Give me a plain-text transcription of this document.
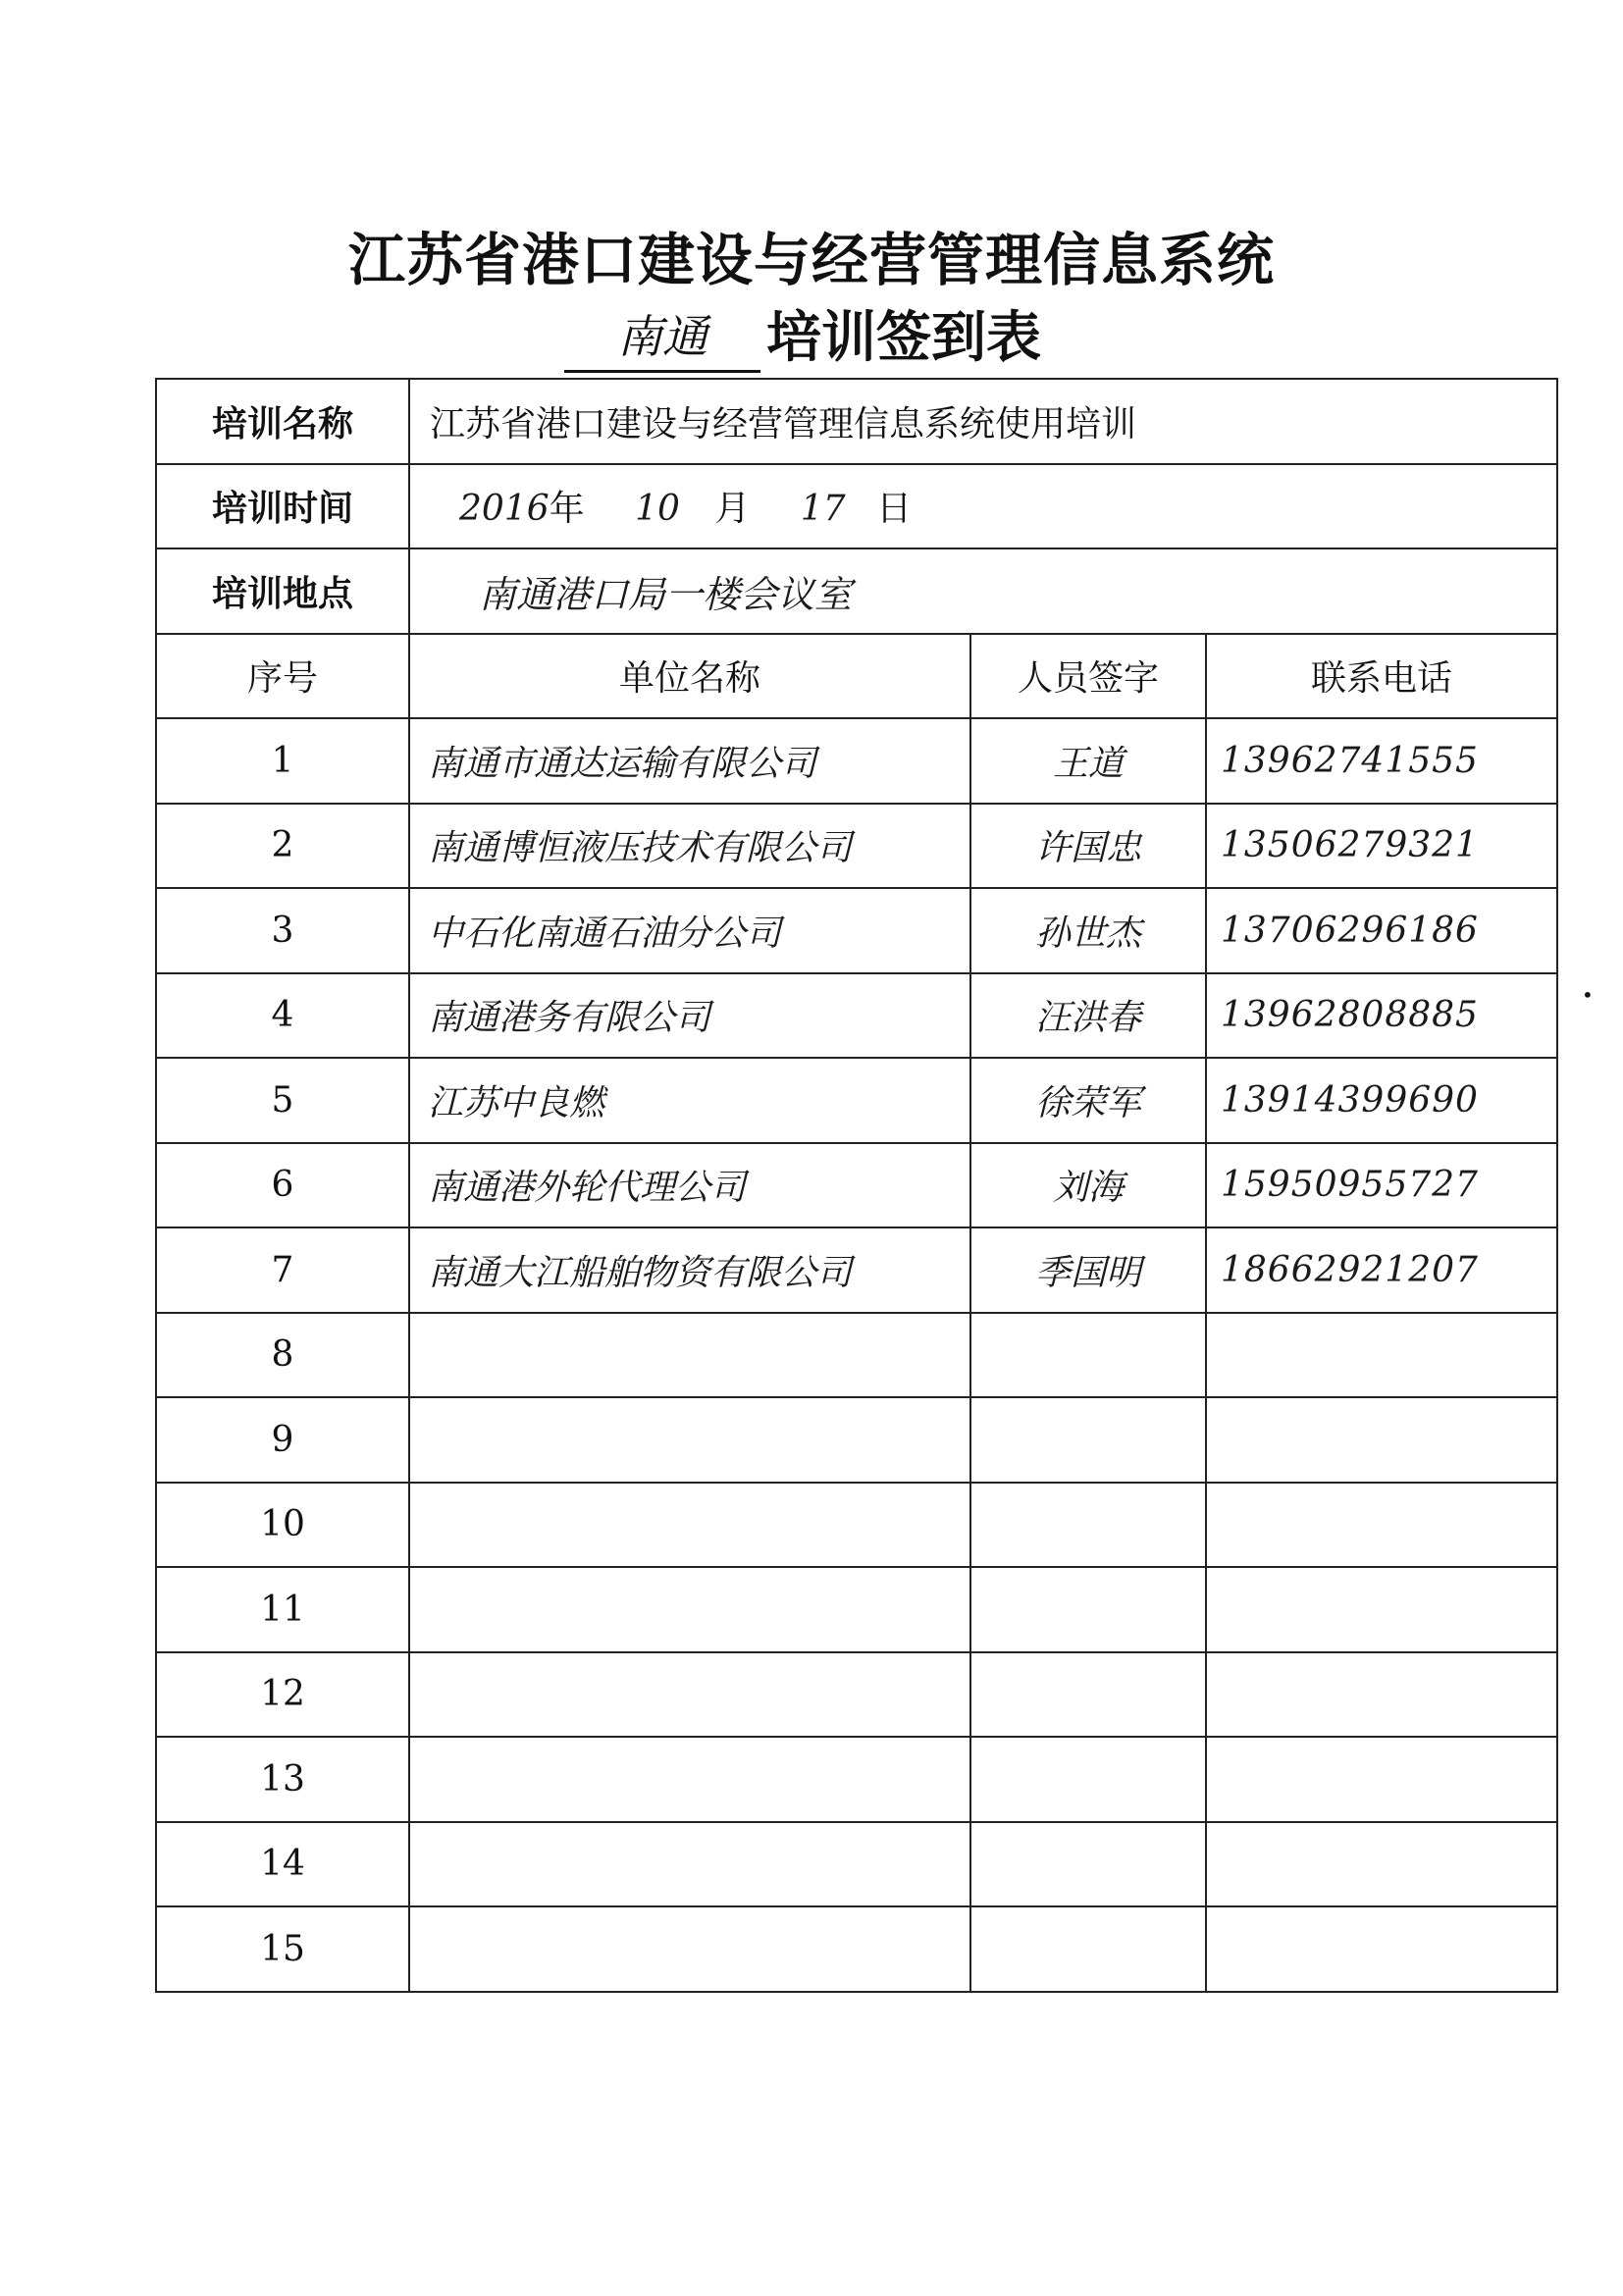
江苏省港口建设与经营管理信息系统
南通	培训签到表
培训名称	江苏省港口建设与经营管理信息系统使用培训		
培训时间	2016年 10 月 17 日		
培训地点	南通港口局一楼会议室		
序号	单位名称	人员签字	联系电话
1	南通市通达运输有限公司	王道	13962741555
2	南通博恒液压技术有限公司	许国忠	13506279321
3	中石化南通石油分公司	孙世杰	13706296186
4	南通港务有限公司	汪洪春	13962808885
5	江苏中良燃	徐荣军	13914399690
6	南通港外轮代理公司	刘海	15950955727
7	南通大江船舶物资有限公司	季国明	18662921207
8			
9			
10			
11			
12			
13			
14			
15			
•
